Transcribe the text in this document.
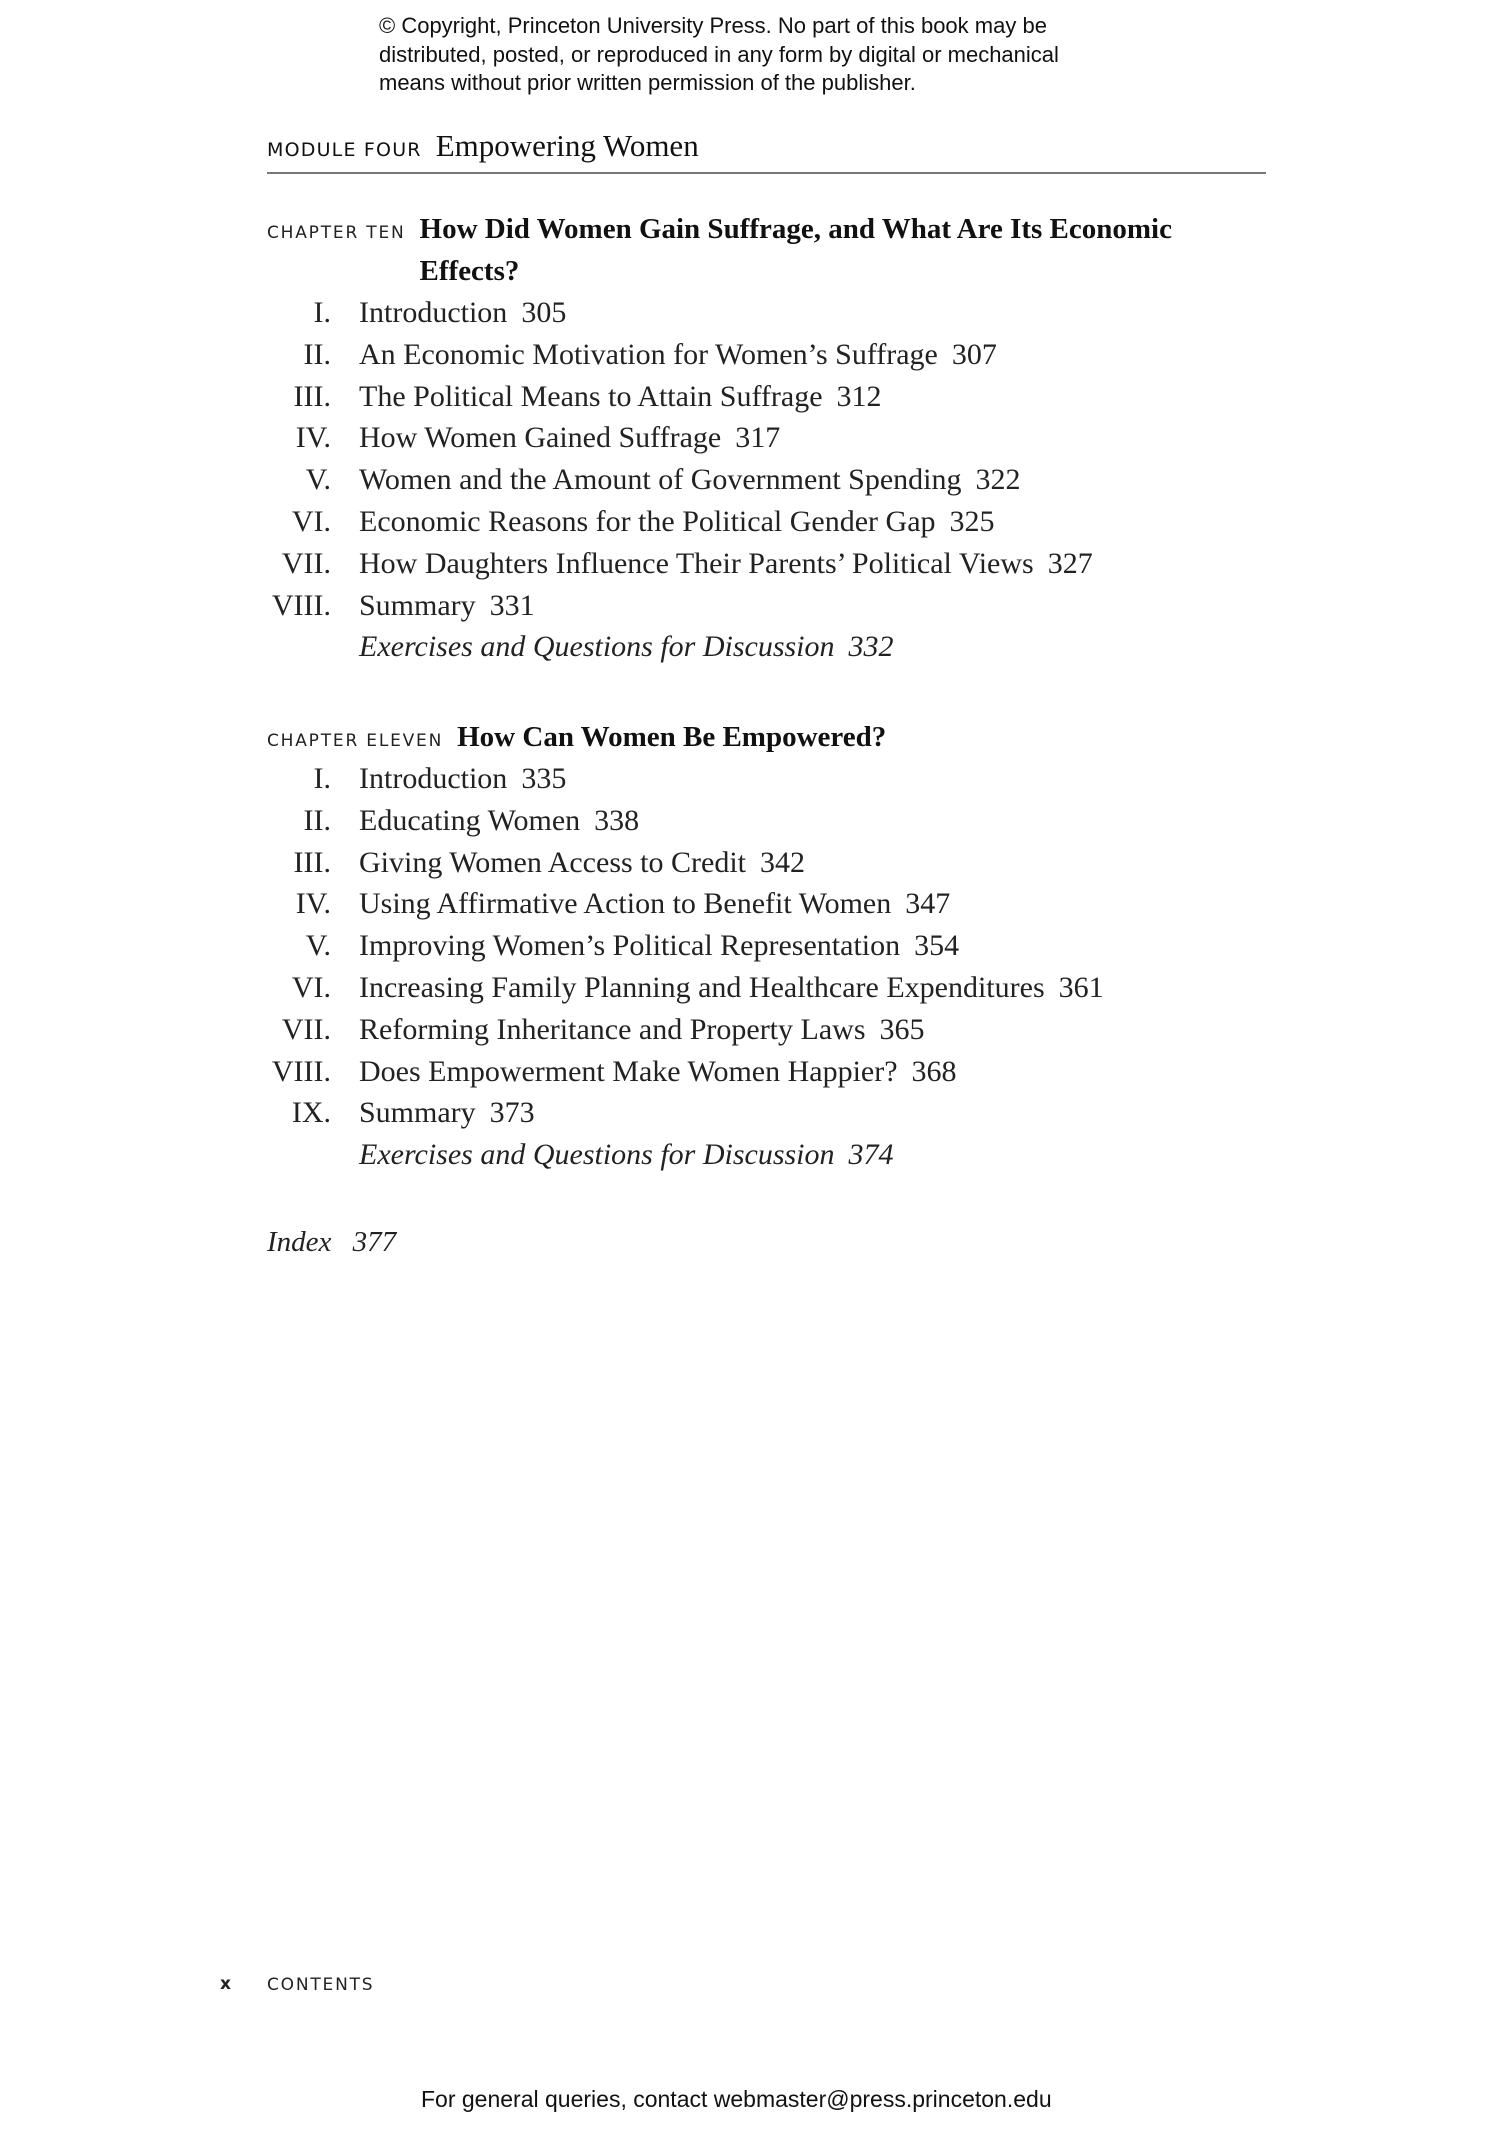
© Copyright, Princeton University Press. No part of this book may be
distributed, posted, or reproduced in any form by digital or mechanical
means without prior written permission of the publisher.
MODULE FOUR Empowering Women
CHAPTER TEN How Did Women Gain Suffrage, and What Are Its Economic Effects?
I. Introduction 305
II. An Economic Motivation for Women’s Suffrage 307
III. The Political Means to Attain Suffrage 312
IV. How Women Gained Suffrage 317
V. Women and the Amount of Government Spending 322
VI. Economic Reasons for the Political Gender Gap 325
VII. How Daughters Influence Their Parents’ Political Views 327
VIII. Summary 331
Exercises and Questions for Discussion 332
CHAPTER ELEVEN How Can Women Be Empowered?
I. Introduction 335
II. Educating Women 338
III. Giving Women Access to Credit 342
IV. Using Affirmative Action to Benefit Women 347
V. Improving Women’s Political Representation 354
VI. Increasing Family Planning and Healthcare Expenditures 361
VII. Reforming Inheritance and Property Laws 365
VIII. Does Empowerment Make Women Happier? 368
IX. Summary 373
Exercises and Questions for Discussion 374
Index 377
x CONTENTS
For general queries, contact webmaster@press.princeton.edu
